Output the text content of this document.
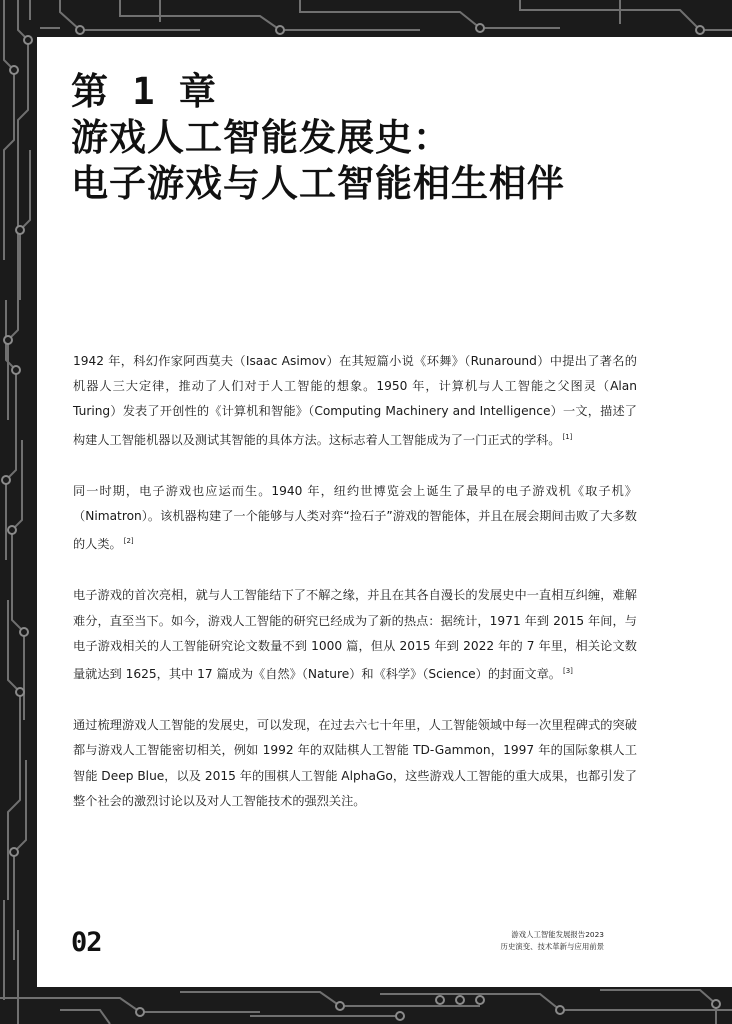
第 1 章
游戏人工智能发展史：
电子游戏与人工智能相生相伴

1942 年，科幻作家阿西莫夫（Isaac Asimov）在其短篇小说《环舞》（Runaround）中提出了著名的机器人三大定律，推动了人们对于人工智能的想象。1950 年，计算机与人工智能之父图灵（Alan Turing）发表了开创性的《计算机和智能》（Computing Machinery and Intelligence）一文，描述了构建人工智能机器以及测试其智能的具体方法。这标志着人工智能成为了一门正式的学科。 [1]

同一时期，电子游戏也应运而生。1940 年，纽约世博览会上诞生了最早的电子游戏机《取子机》（Nimatron）。该机器构建了一个能够与人类对弈“捡石子”游戏的智能体，并且在展会期间击败了大多数的人类。 [2]

电子游戏的首次亮相，就与人工智能结下了不解之缘，并且在其各自漫长的发展史中一直相互纠缠，难解难分，直至当下。如今，游戏人工智能的研究已经成为了新的热点：据统计，1971 年到 2015 年间，与电子游戏相关的人工智能研究论文数量不到 1000 篇，但从 2015 年到 2022 年的 7 年里，相关论文数量就达到 1625，其中 17 篇成为《自然》（Nature）和《科学》（Science）的封面文章。 [3]

通过梳理游戏人工智能的发展史，可以发现，在过去六七十年里，人工智能领域中每一次里程碑式的突破都与游戏人工智能密切相关，例如 1992 年的双陆棋人工智能 TD-Gammon，1997 年的国际象棋人工智能 Deep Blue，以及 2015 年的围棋人工智能 AlphaGo，这些游戏人工智能的重大成果，也都引发了整个社会的激烈讨论以及对人工智能技术的强烈关注。

02	游戏人工智能发展报告2023
历史演变、技术革新与应用前景
